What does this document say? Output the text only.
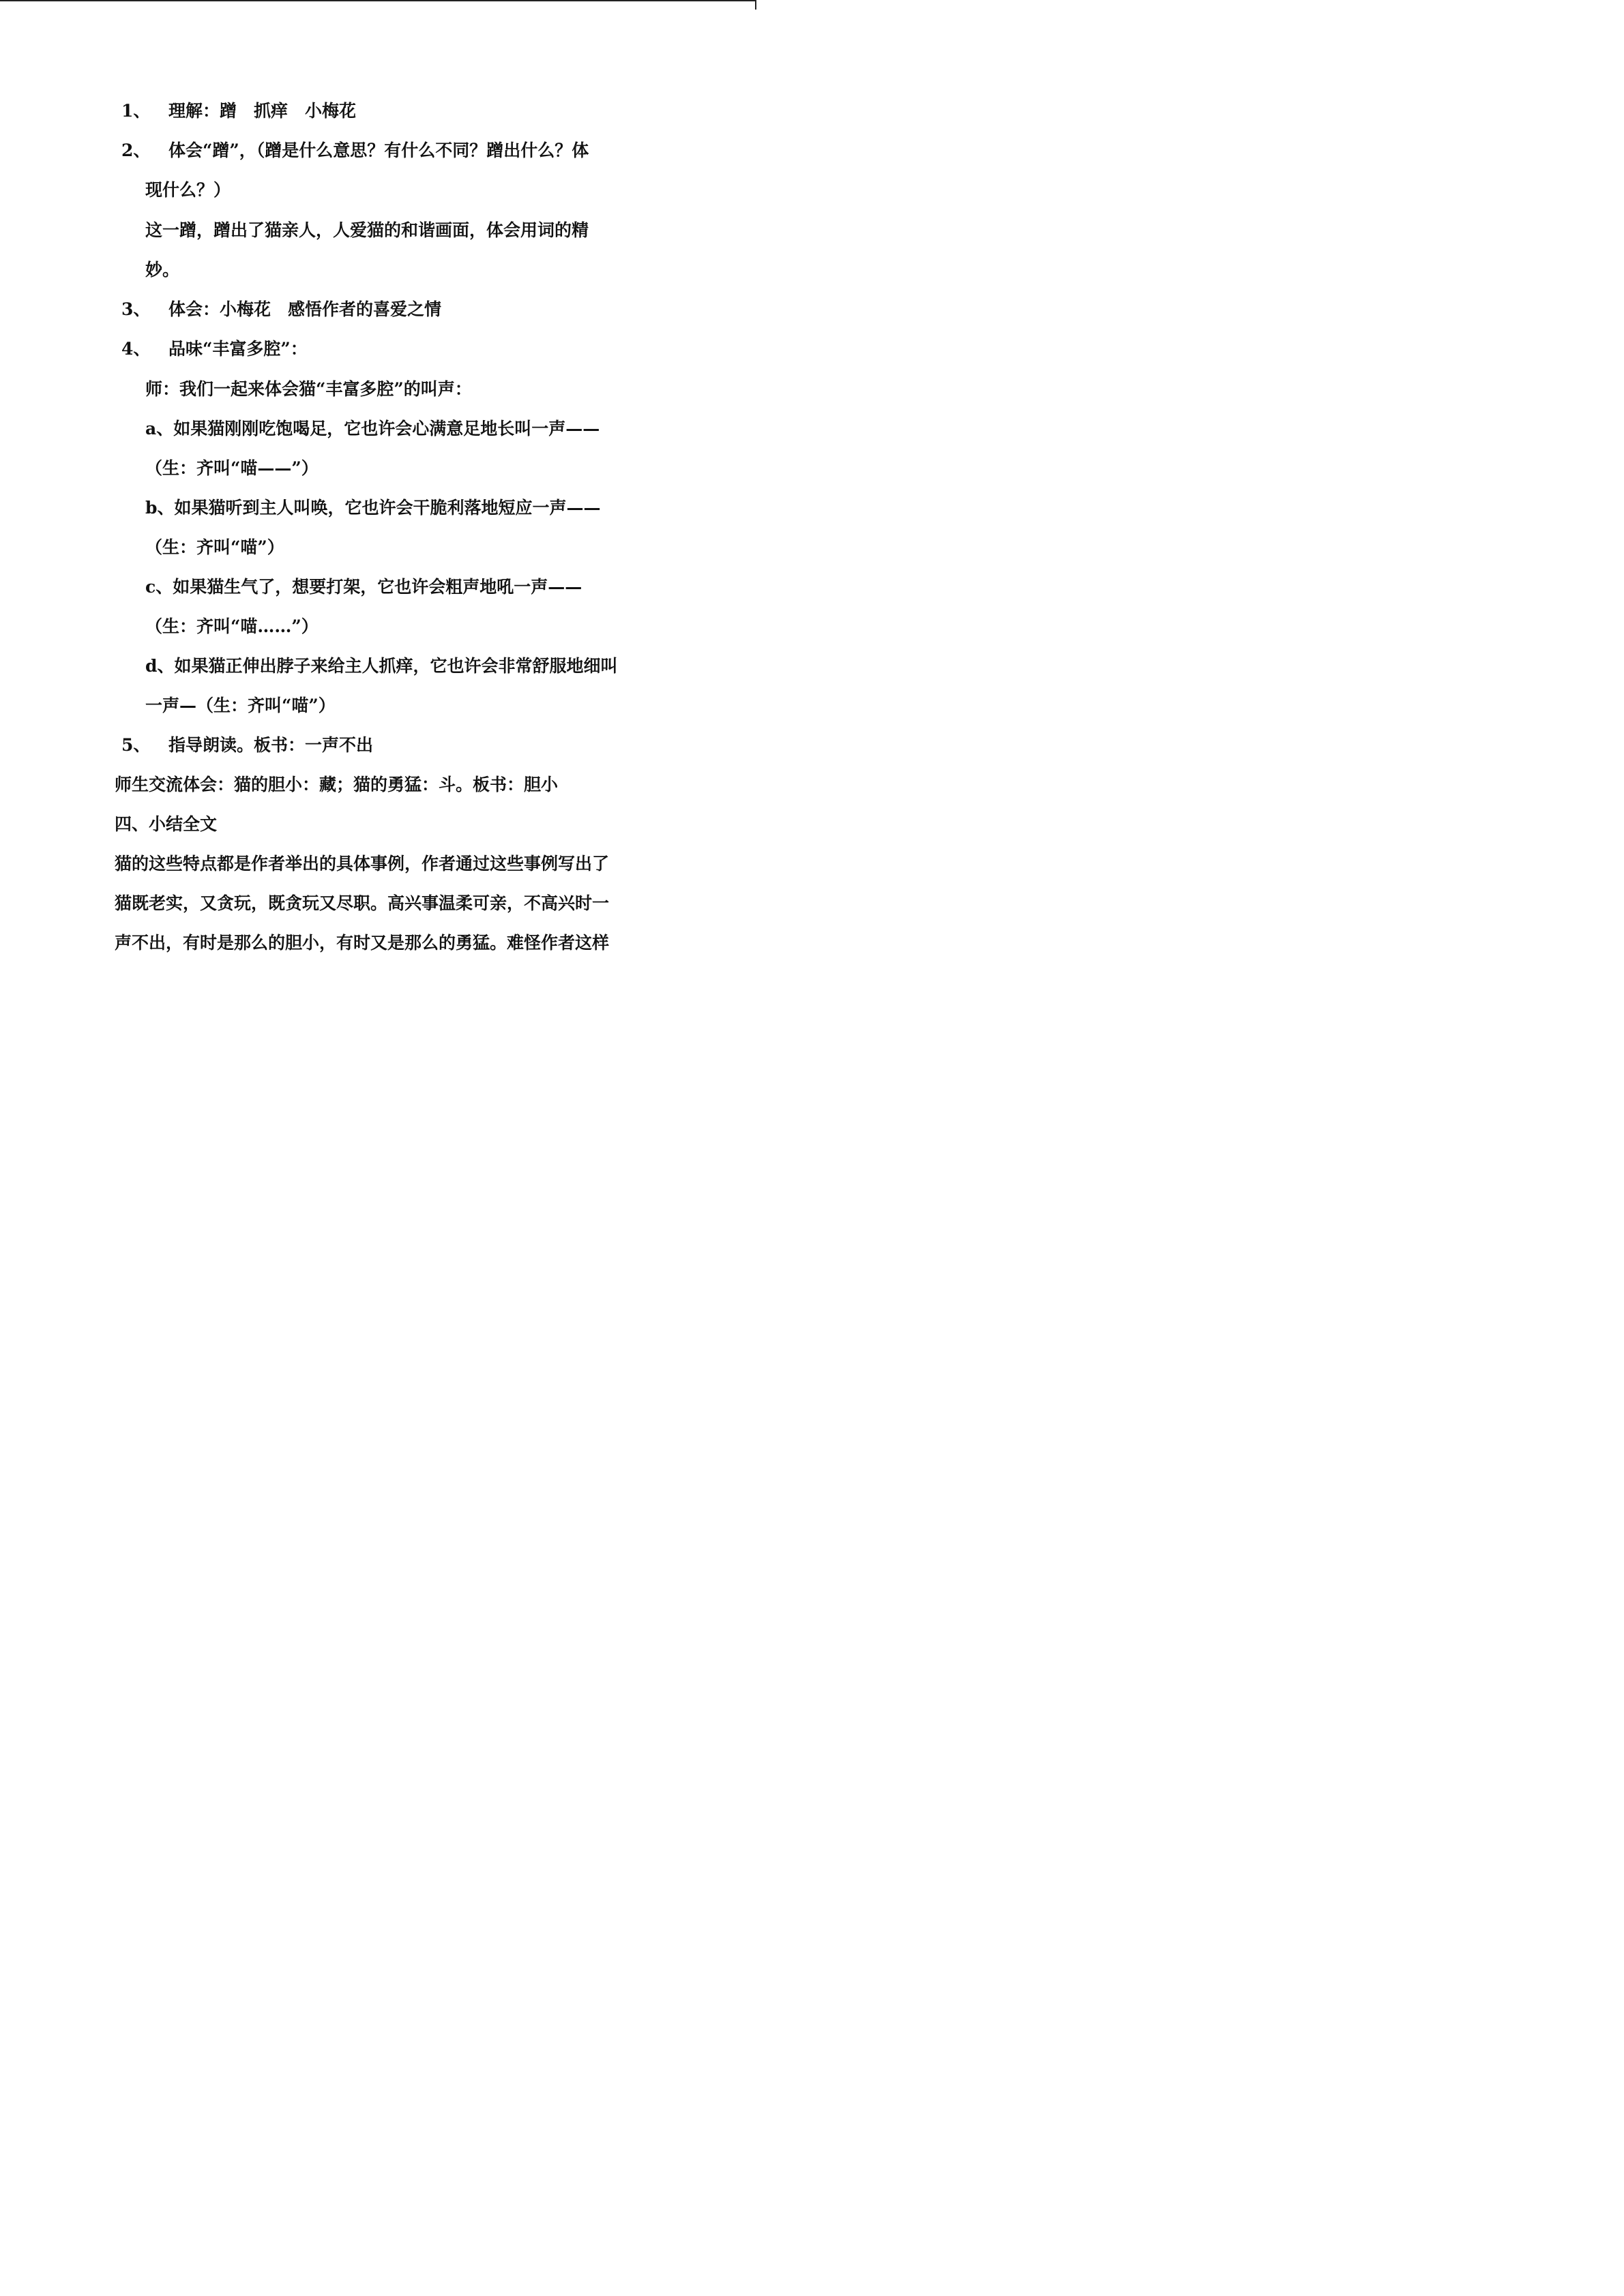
1、 理解：蹭　抓痒　小梅花
2、 体会“蹭”，（蹭是什么意思？有什么不同？蹭出什么？体
现什么？）
这一蹭，蹭出了猫亲人，人爱猫的和谐画面，体会用词的精
妙。
3、 体会：小梅花　感悟作者的喜爱之情
4、 品味“丰富多腔”：
师：我们一起来体会猫“丰富多腔”的叫声：
a、如果猫刚刚吃饱喝足，它也许会心满意足地长叫一声——
（生：齐叫“喵——”）
b、如果猫听到主人叫唤，它也许会干脆利落地短应一声——
（生：齐叫“喵”）
c、如果猫生气了，想要打架，它也许会粗声地吼一声——
（生：齐叫“喵……”）
d、如果猫正伸出脖子来给主人抓痒，它也许会非常舒服地细叫
一声—（生：齐叫“喵”）
5、 指导朗读。板书：一声不出
师生交流体会：猫的胆小：藏；猫的勇猛：斗。板书：胆小
四、小结全文
猫的这些特点都是作者举出的具体事例，作者通过这些事例写出了
猫既老实，又贪玩，既贪玩又尽职。高兴事温柔可亲，不高兴时一
声不出，有时是那么的胆小，有时又是那么的勇猛。难怪作者这样
